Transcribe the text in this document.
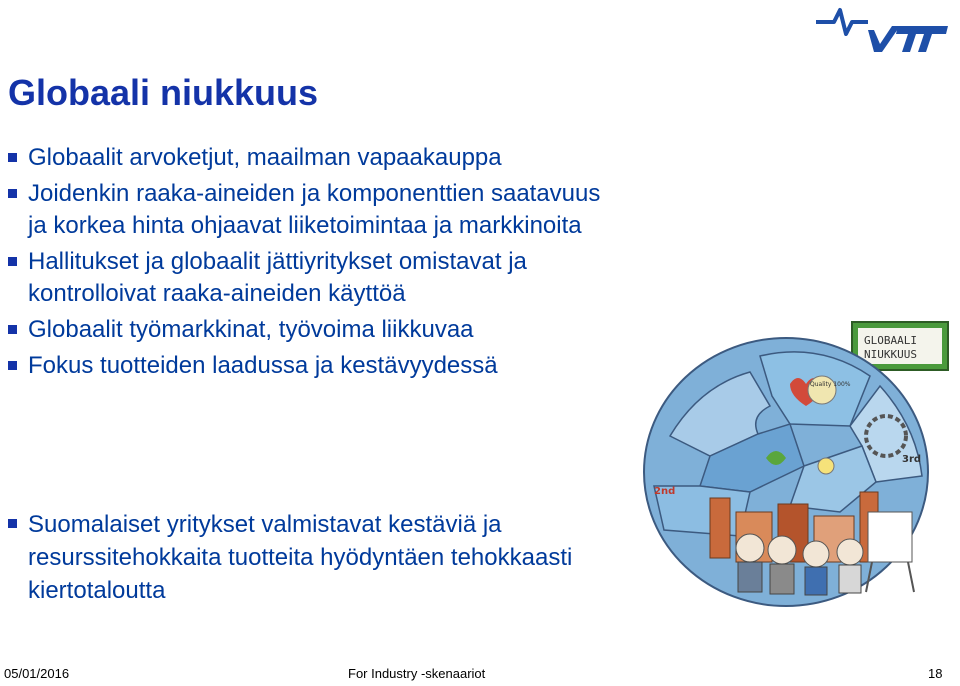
Globaali niukkuus
Globaalit arvoketjut, maailman vapaakauppa
Joidenkin raaka-aineiden ja komponenttien saatavuus ja korkea hinta ohjaavat liiketoimintaa ja markkinoita
Hallitukset ja globaalit jättiyritykset omistavat ja kontrolloivat raaka-aineiden käyttöä
Globaalit työmarkkinat, työvoima liikkuvaa
Fokus tuotteiden laadussa ja kestävyydessä
Suomalaiset yritykset valmistavat kestäviä ja resurssitehokkaita tuotteita hyödyntäen tehokkaasti kiertotaloutta
GLOBAALI
NIUKKUUS
Quality 100%
2nd
3rd
05/01/2016	For Industry -skenaariot	18
